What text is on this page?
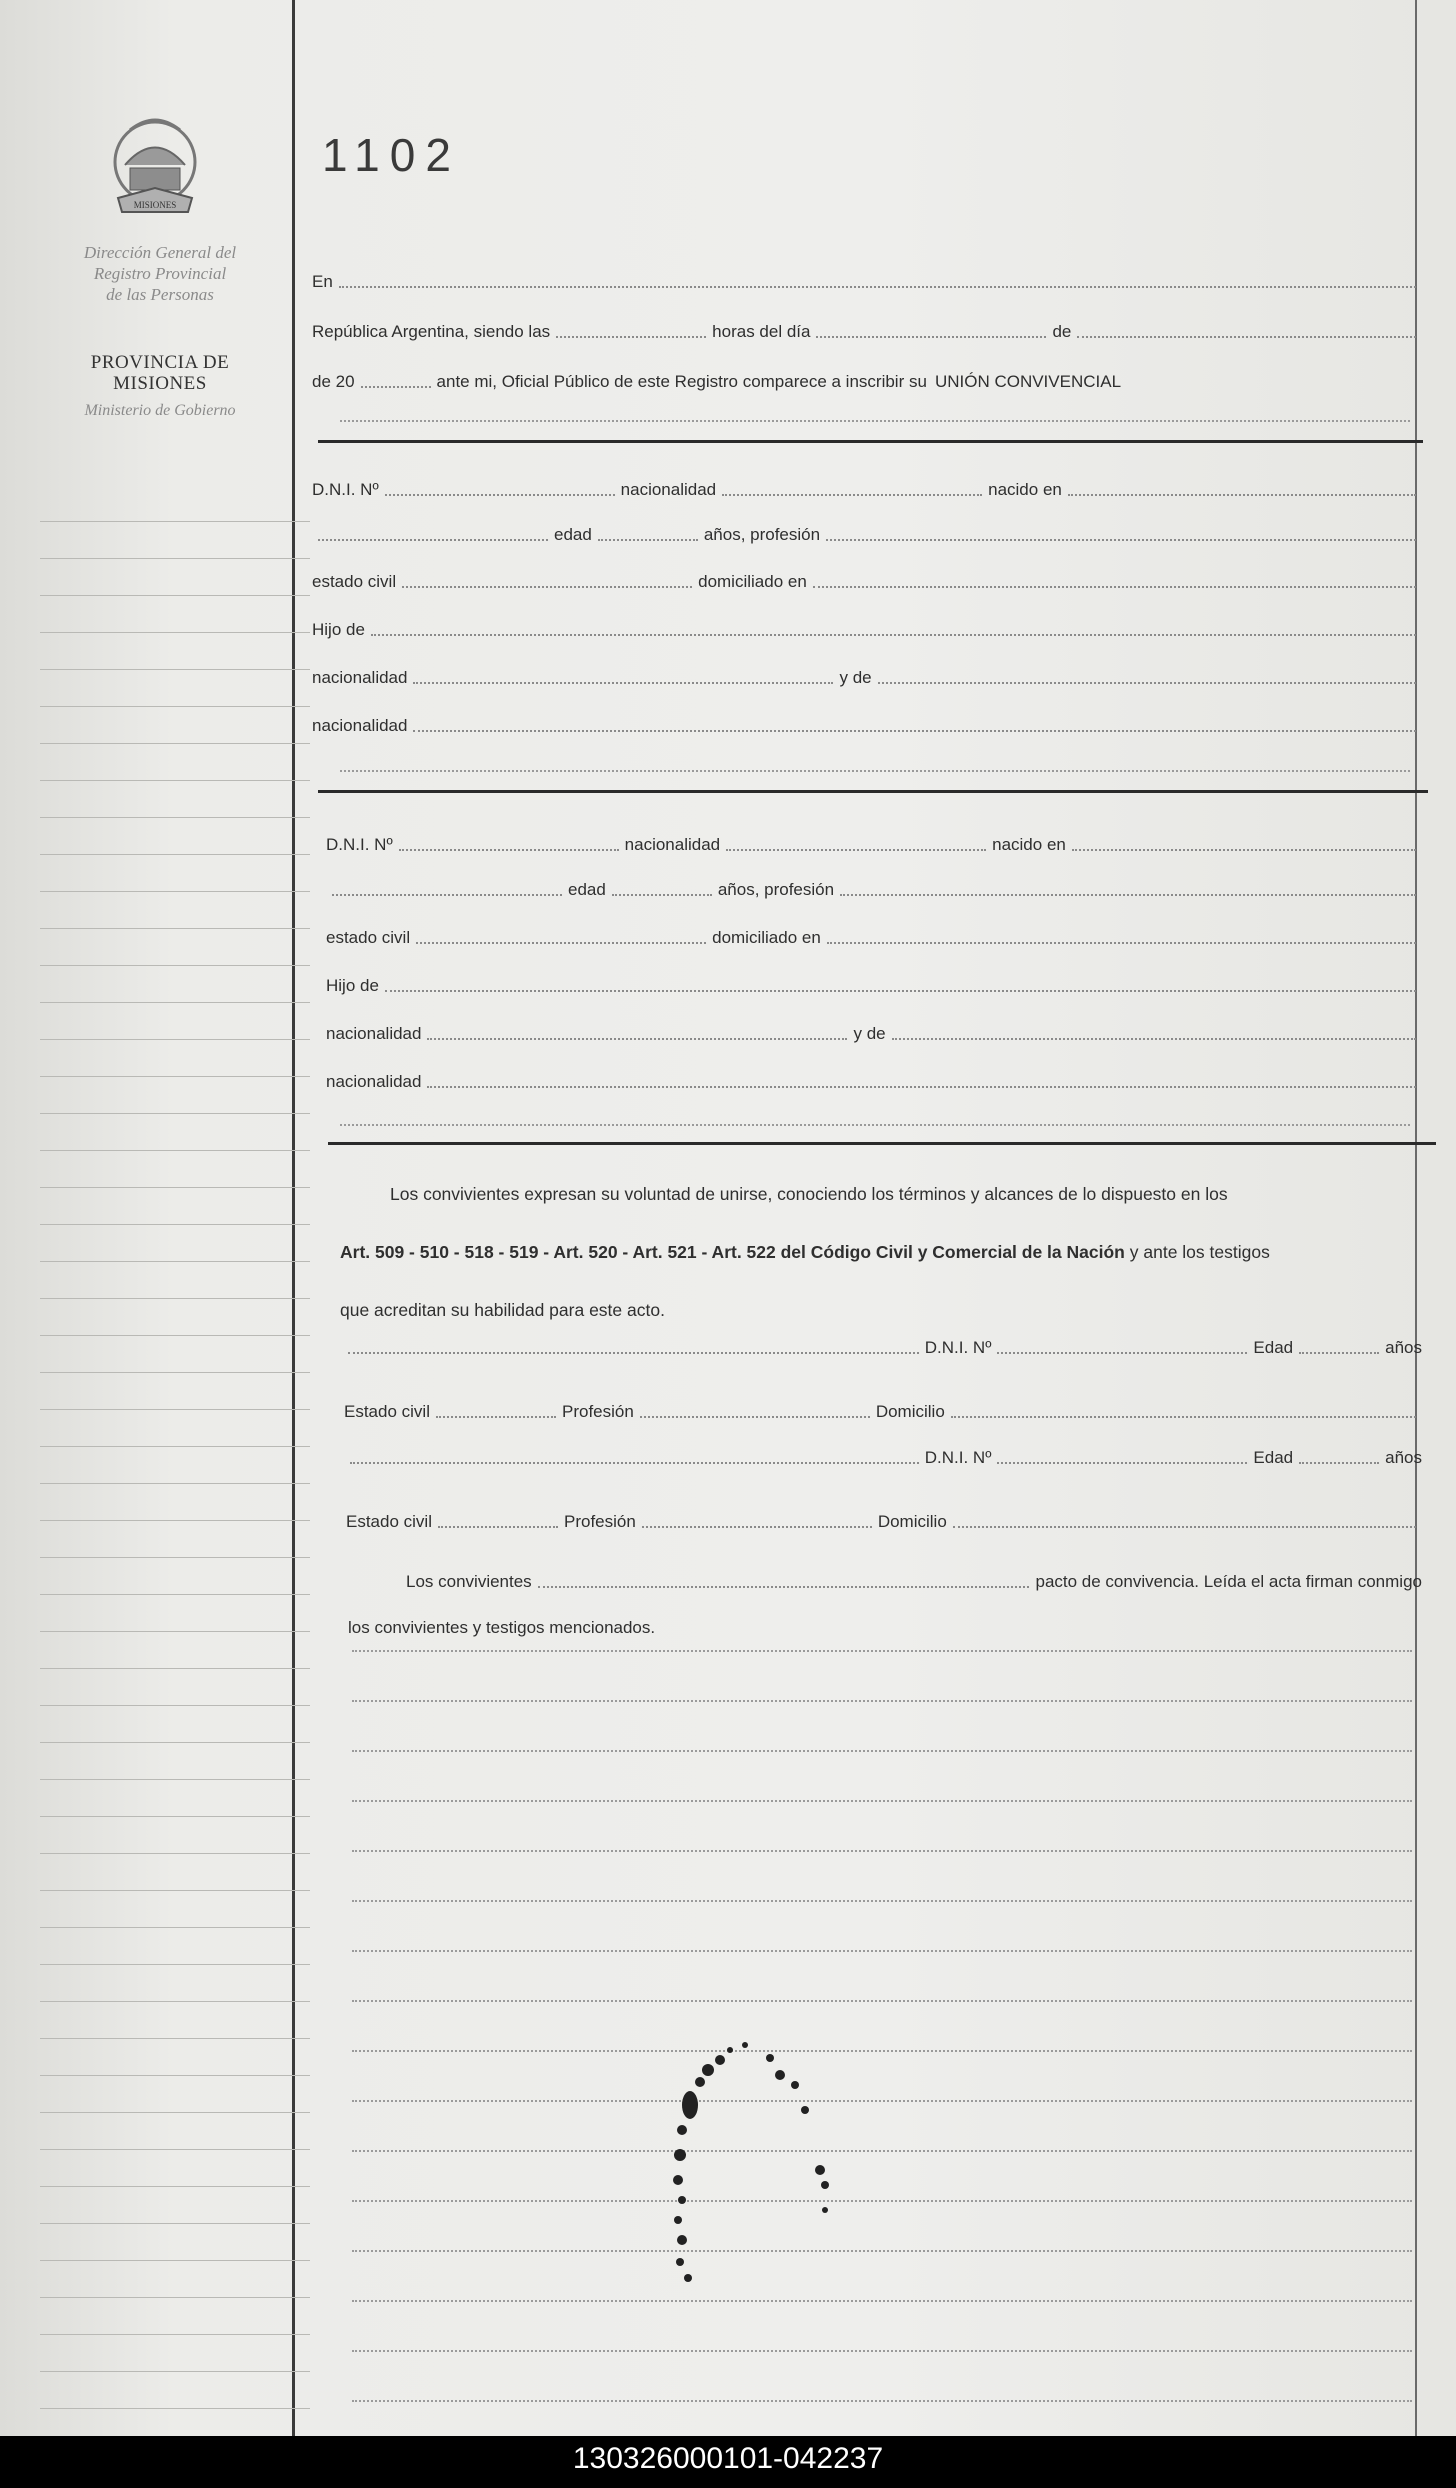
MISIONES
Dirección General del
Registro Provincial
de las Personas
PROVINCIA DE
MISIONES
Ministerio de Gobierno
1102
En
República Argentina, siendo las	horas del día	de
de 20	ante mi, Oficial Público de este Registro comparece a inscribir su UNIÓN CONVIVENCIAL
D.N.I. Nº	nacionalidad	nacido en
edad	años, profesión
estado civil	domiciliado en
Hijo de
nacionalidad	y de
nacionalidad
D.N.I. Nº	nacionalidad	nacido en
edad	años, profesión
estado civil	domiciliado en
Hijo de
nacionalidad	y de
nacionalidad
Los convivientes expresan su voluntad de unirse, conociendo los términos y alcances de lo dispuesto en los
Art. 509 - 510 - 518 - 519 - Art. 520 - Art. 521 - Art. 522 del Código Civil y Comercial de la Nación y ante los testigos
que acreditan su habilidad para este acto.
D.N.I. Nº	Edad	años
Estado civil	Profesión	Domicilio
D.N.I. Nº	Edad	años
Estado civil	Profesión	Domicilio
Los convivientes	pacto de convivencia. Leída el acta firman conmigo
los convivientes y testigos mencionados.
130326000101-042237
